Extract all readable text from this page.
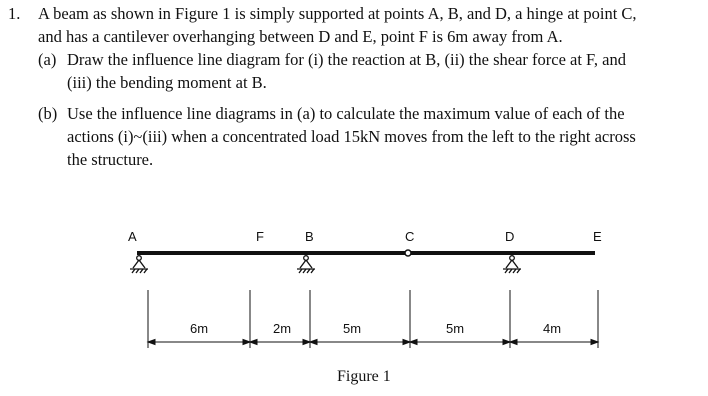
1. A beam as shown in Figure 1 is simply supported at points A, B, and D, a hinge at point C,
and has a cantilever overhanging between D and E, point F is 6m away from A.
(a) Draw the influence line diagram for (i) the reaction at B, (ii) the shear force at F, and
(iii) the bending moment at B.
(b) Use the influence line diagrams in (a) to calculate the maximum value of each of the
actions (i)~(iii) when a concentrated load 15kN moves from the left to the right across
the structure.
A	F	B	C	D	E
6m	2m	5m	5m	4m
Figure 1
